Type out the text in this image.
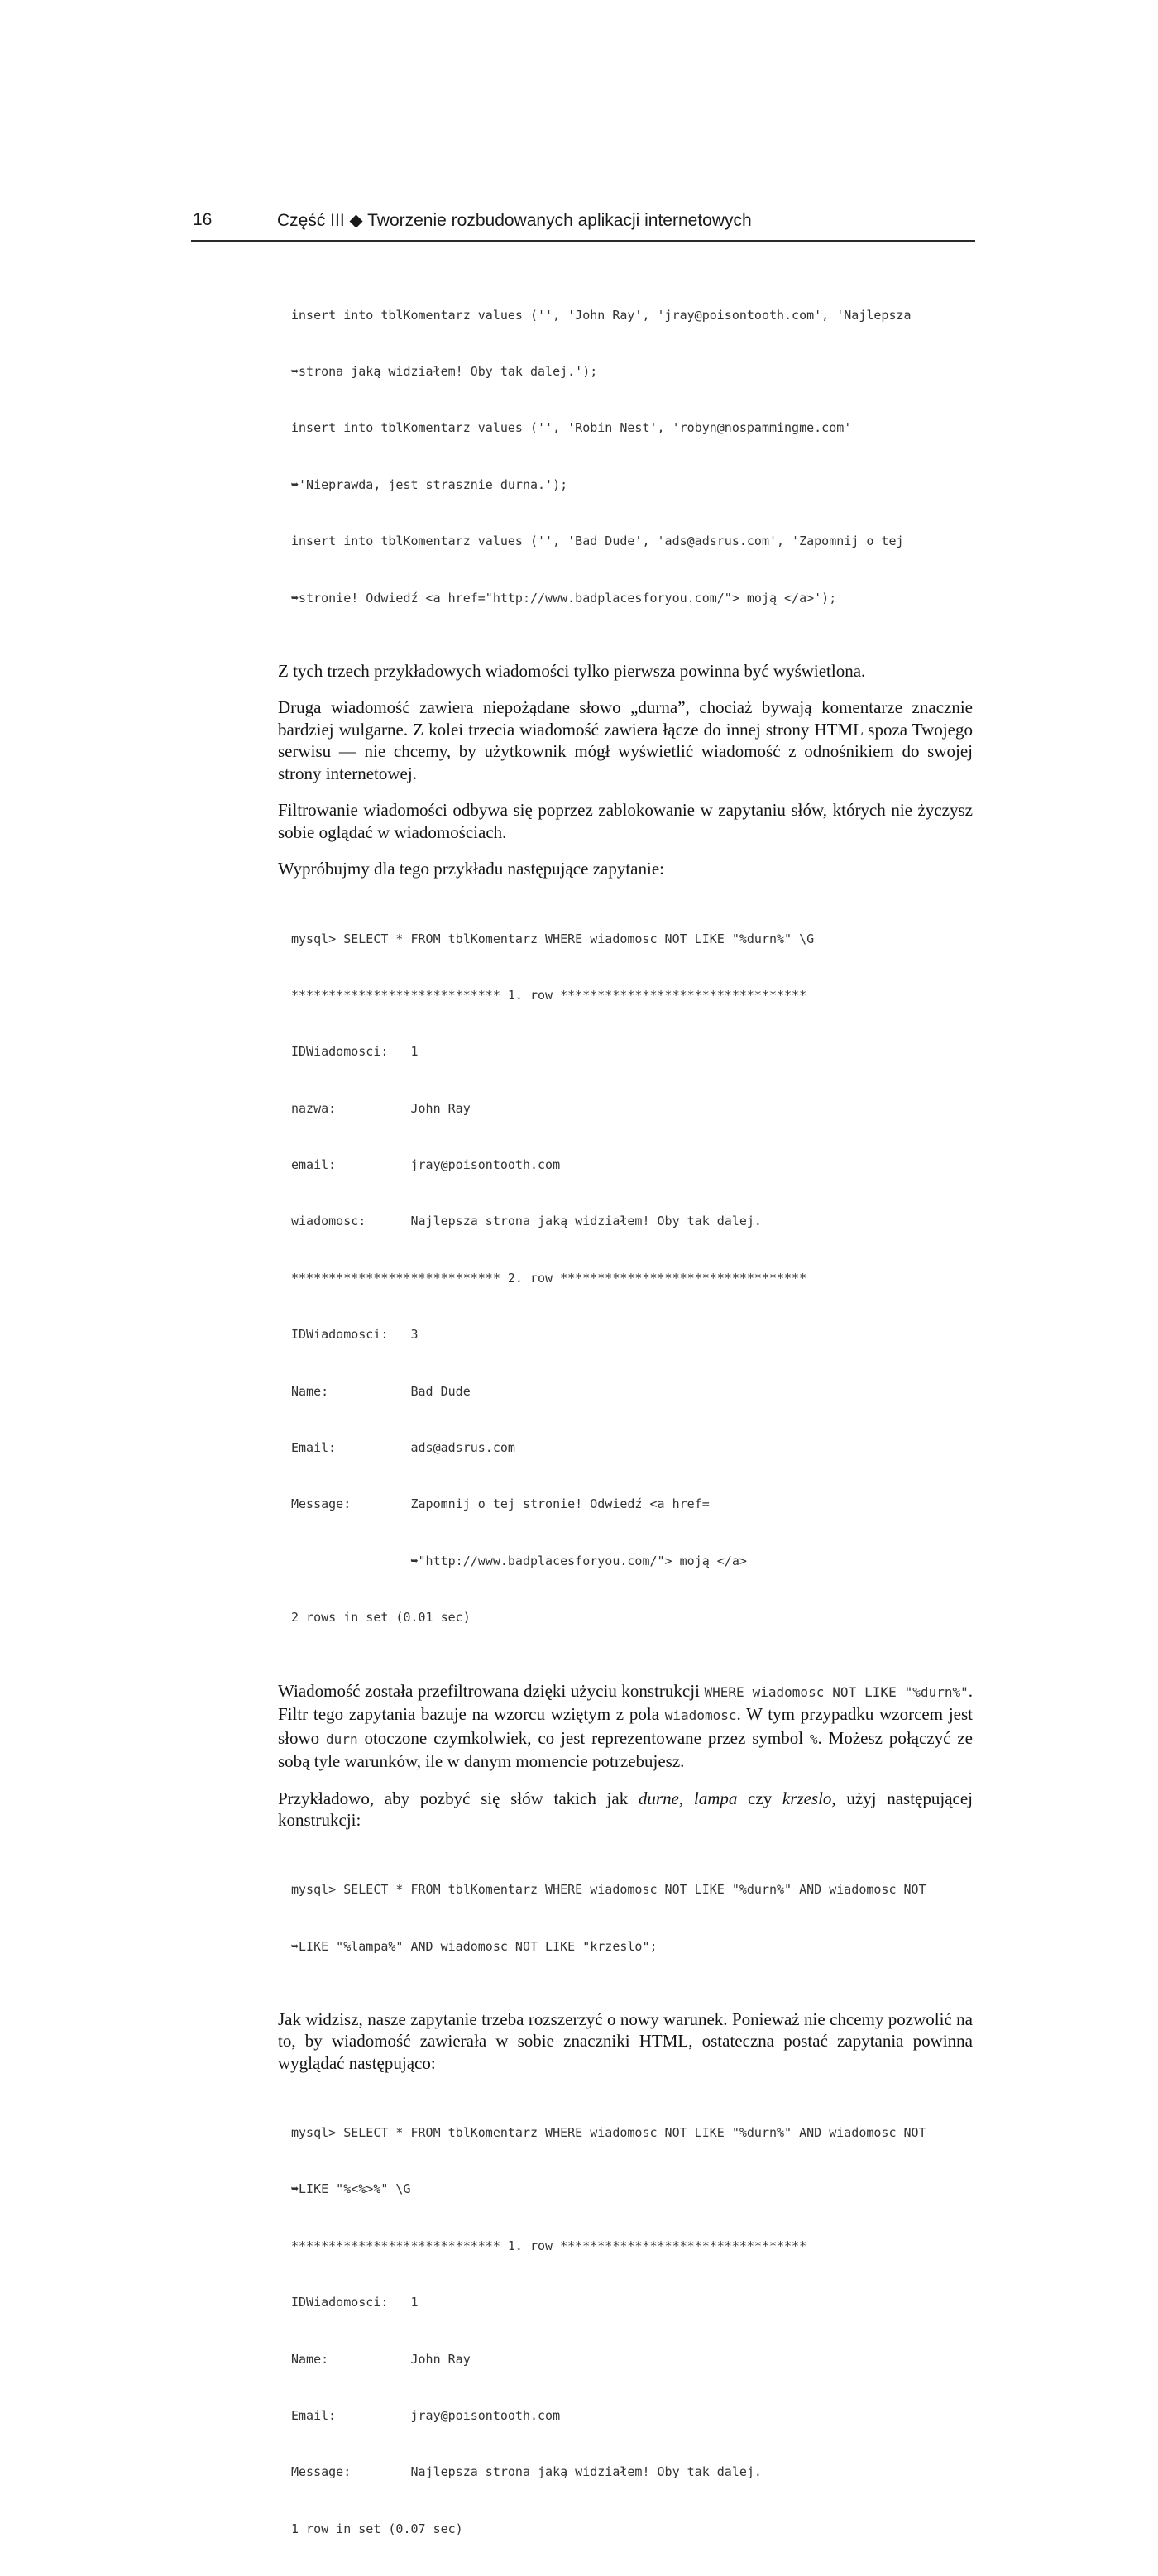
16	Część III ◆ Tworzenie rozbudowanych aplikacji internetowych

insert into tblKomentarz values ('', 'John Ray', 'jray@poisontooth.com', 'Najlepsza

➥strona jaką widziałem! Oby tak dalej.');

insert into tblKomentarz values ('', 'Robin Nest', 'robyn@nospammingme.com'

➥'Nieprawda, jest strasznie durna.');

insert into tblKomentarz values ('', 'Bad Dude', 'ads@adsrus.com', 'Zapomnij o tej

➥stronie! Odwiedź <a href="http://www.badplacesforyou.com/"> moją </a>');

Z tych trzech przykładowych wiadomości tylko pierwsza powinna być wyświetlona.

Druga wiadomość zawiera niepożądane słowo „durna”, chociaż bywają komentarze znacznie bardziej wulgarne. Z kolei trzecia wiadomość zawiera łącze do innej strony HTML spoza Twojego serwisu — nie chcemy, by użytkownik mógł wyświetlić wiadomość z odnośnikiem do swojej strony internetowej.

Filtrowanie wiadomości odbywa się poprzez zablokowanie w zapytaniu słów, których nie życzysz sobie oglądać w wiadomościach.

Wypróbujmy dla tego przykładu następujące zapytanie:

mysql> SELECT * FROM tblKomentarz WHERE wiadomosc NOT LIKE "%durn%" \G

**************************** 1. row *********************************

IDWiadomosci:   1

nazwa:          John Ray

email:          jray@poisontooth.com

wiadomosc:      Najlepsza strona jaką widziałem! Oby tak dalej.

**************************** 2. row *********************************

IDWiadomosci:   3

Name:           Bad Dude

Email:          ads@adsrus.com

Message:        Zapomnij o tej stronie! Odwiedź <a href=

➥"http://www.badplacesforyou.com/"> moją </a>

2 rows in set (0.01 sec)

Wiadomość została przefiltrowana dzięki użyciu konstrukcji WHERE wiadomosc NOT LIKE "%durn%". Filtr tego zapytania bazuje na wzorcu wziętym z pola wiadomosc. W tym przypadku wzorcem jest słowo durn otoczone czymkolwiek, co jest reprezentowane przez symbol %. Możesz połączyć ze sobą tyle warunków, ile w danym momencie potrzebujesz.

Przykładowo, aby pozbyć się słów takich jak durne, lampa czy krzeslo, użyj następującej konstrukcji:

mysql> SELECT * FROM tblKomentarz WHERE wiadomosc NOT LIKE "%durn%" AND wiadomosc NOT

➥LIKE "%lampa%" AND wiadomosc NOT LIKE "krzeslo";

Jak widzisz, nasze zapytanie trzeba rozszerzyć o nowy warunek. Ponieważ nie chcemy pozwolić na to, by wiadomość zawierała w sobie znaczniki HTML, ostateczna postać zapytania powinna wyglądać następująco:

mysql> SELECT * FROM tblKomentarz WHERE wiadomosc NOT LIKE "%durn%" AND wiadomosc NOT

➥LIKE "%<%>%" \G

**************************** 1. row *********************************

IDWiadomosci:   1

Name:           John Ray

Email:          jray@poisontooth.com

Message:        Najlepsza strona jaką widziałem! Oby tak dalej.

1 row in set (0.07 sec)
